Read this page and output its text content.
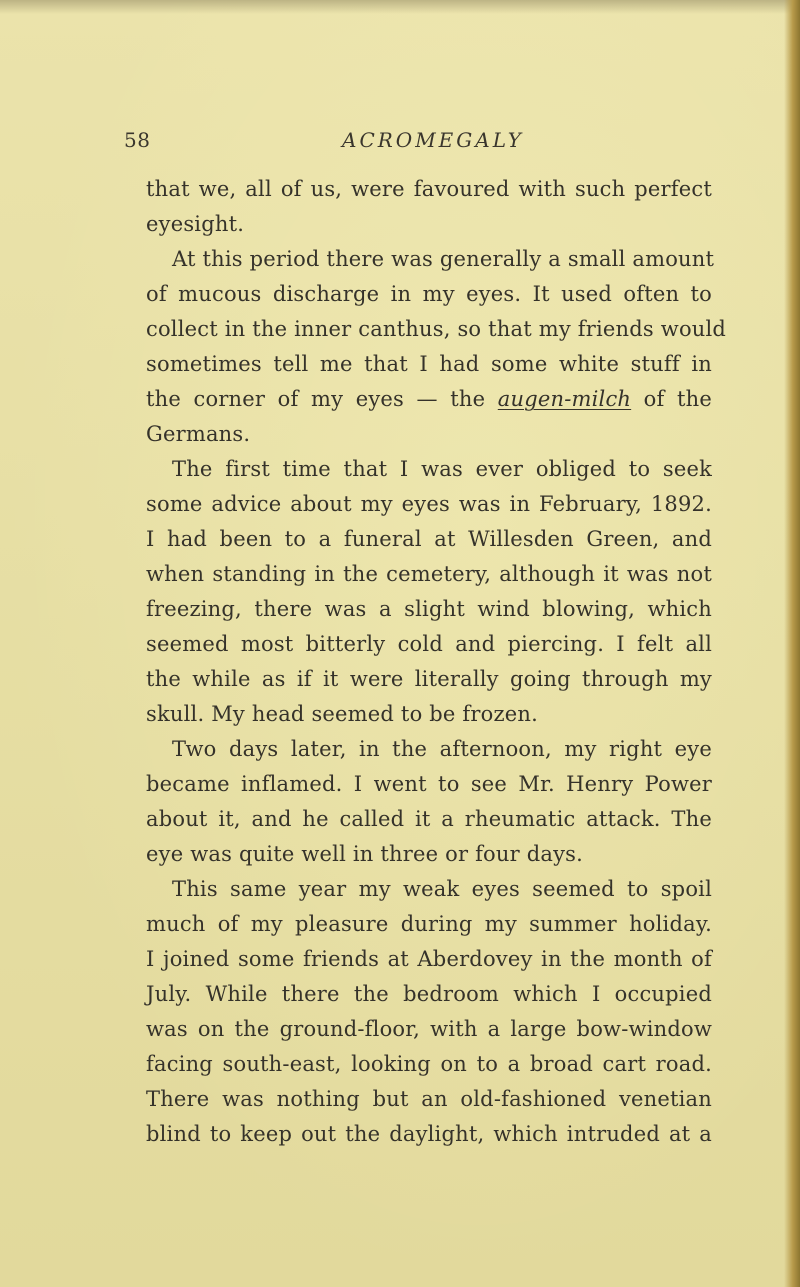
58	ACROMEGALY
that we, all of us, were favoured with such perfect
eyesight.
At this period there was generally a small amount
of mucous discharge in my eyes. It used often to
collect in the inner canthus, so that my friends would
sometimes tell me that I had some white stuff in
the corner of my eyes — the augen-milch of the
Germans.
The first time that I was ever obliged to seek
some advice about my eyes was in February, 1892.
I had been to a funeral at Willesden Green, and
when standing in the cemetery, although it was not
freezing, there was a slight wind blowing, which
seemed most bitterly cold and piercing. I felt all
the while as if it were literally going through my
skull. My head seemed to be frozen.
Two days later, in the afternoon, my right eye
became inflamed. I went to see Mr. Henry Power
about it, and he called it a rheumatic attack. The
eye was quite well in three or four days.
This same year my weak eyes seemed to spoil
much of my pleasure during my summer holiday.
I joined some friends at Aberdovey in the month of
July. While there the bedroom which I occupied
was on the ground-floor, with a large bow-window
facing south-east, looking on to a broad cart road.
There was nothing but an old-fashioned venetian
blind to keep out the daylight, which intruded at a
